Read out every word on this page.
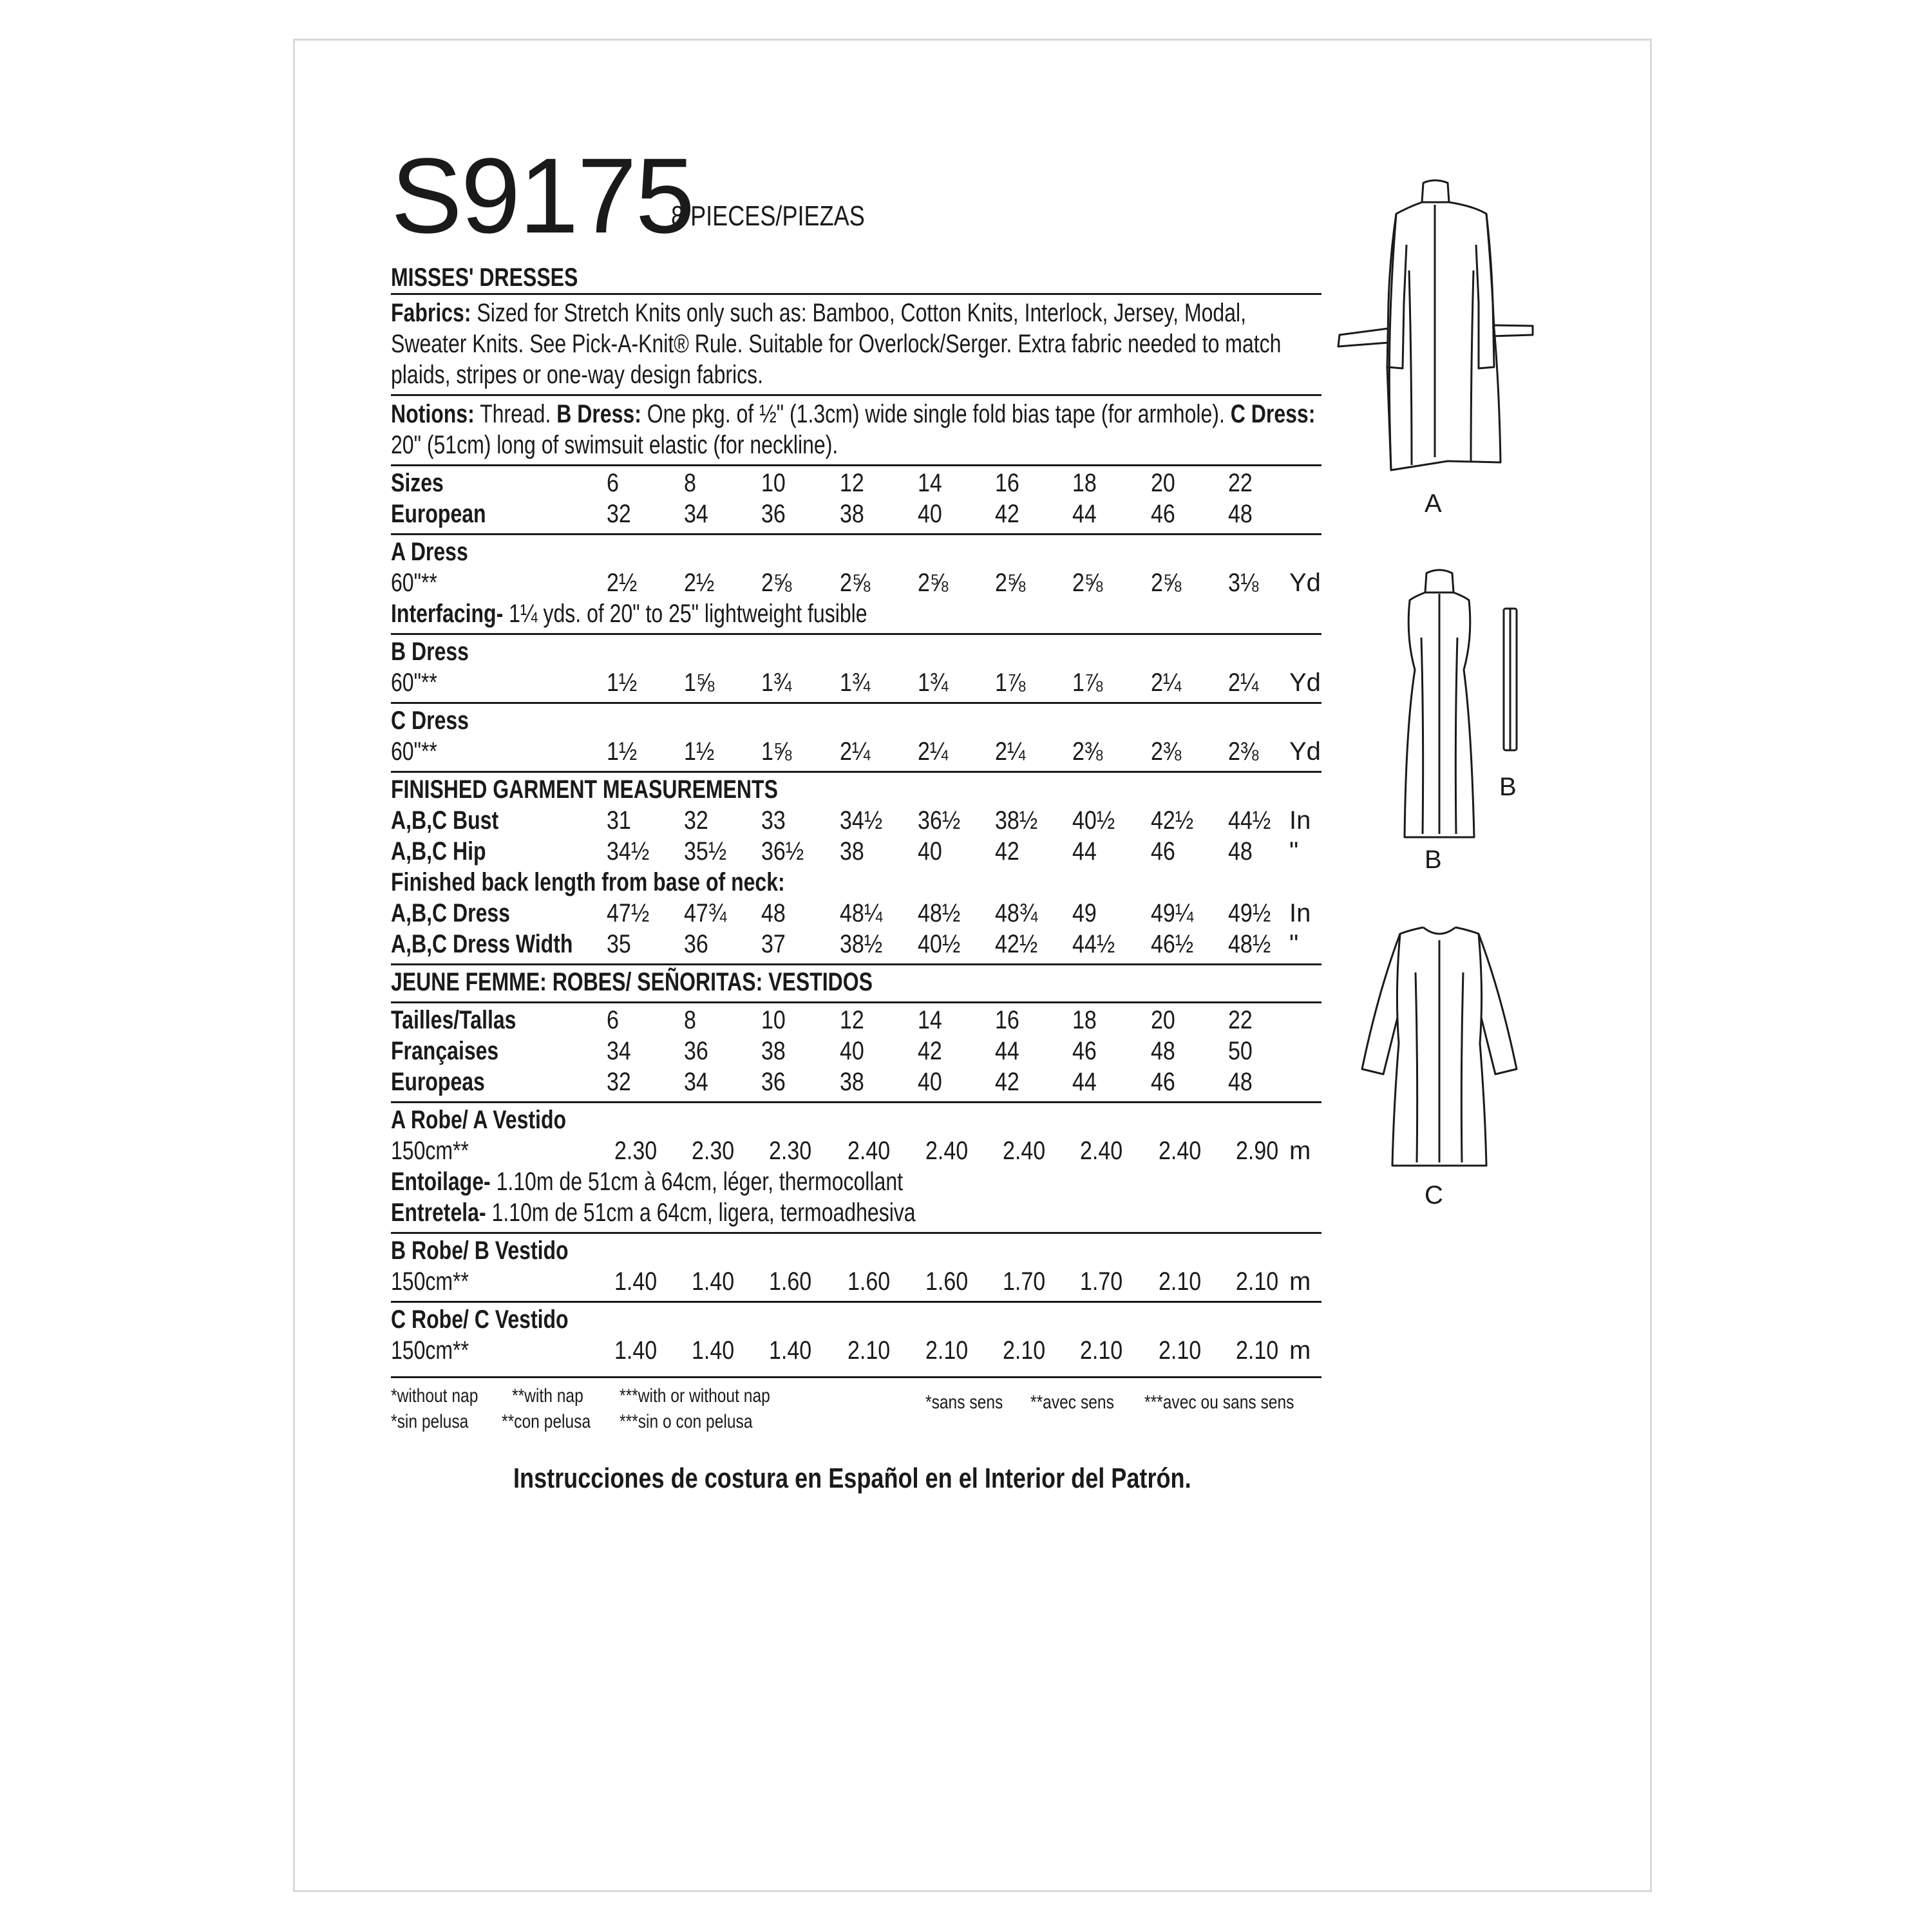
S9175
8 PIECES/PIEZAS
MISSES' DRESSES
Fabrics: Sized for Stretch Knits only such as: Bamboo, Cotton Knits, Interlock, Jersey, Modal, Sweater Knits. See Pick-A-Knit® Rule. Suitable for Overlock/Serger. Extra fabric needed to match plaids, stripes or one-way design fabrics.
Notions: Thread. B Dress: One pkg. of ½" (1.3cm) wide single fold bias tape (for armhole). C Dress: 20" (51cm) long of swimsuit elastic (for neckline).
Sizes	6	8	10 12 14 16 18 20 22
European	32 34 36 38 40 42 44 46 48
A Dress
60"**	2½ 2½ 2⅝ 2⅝ 2⅝ 2⅝ 2⅝ 2⅝ 3⅛ Yd
Interfacing- 1¼ yds. of 20" to 25" lightweight fusible
B Dress
60"**	1½ 1⅝ 1¾ 1¾ 1¾ 1⅞ 1⅞ 2¼ 2¼ Yd
C Dress
60"**	1½ 1½ 1⅝ 2¼ 2¼ 2¼ 2⅜ 2⅜ 2⅜ Yd
FINISHED GARMENT MEASUREMENTS
A,B,C Bust	31 32 33 34½ 36½ 38½ 40½ 42½ 44½ In
A,B,C Hip	34½ 35½ 36½ 38 40 42 44 46 48 "
Finished back length from base of neck:
A,B,C Dress	47½ 47¾ 48 48¼ 48½ 48¾ 49 49¼ 49½ In
A,B,C Dress Width 35 36 37 38½ 40½ 42½ 44½ 46½ 48½ "
JEUNE FEMME: ROBES/ SEÑORITAS: VESTIDOS
Tailles/Tallas	6	8	10 12 14 16 18 20 22
Françaises	34 36 38 40 42 44 46 48 50
Europeas	32 34 36 38 40 42 44 46 48
A Robe/ A Vestido
150cm**	2.30 2.30 2.30 2.40 2.40 2.40 2.40 2.40 2.90 m
Entoilage- 1.10m de 51cm à 64cm, léger, thermocollant
Entretela- 1.10m de 51cm a 64cm, ligera, termoadhesiva
B Robe/ B Vestido
150cm**	1.40 1.40 1.60 1.60 1.60 1.70 1.70 2.10 2.10 m
C Robe/ C Vestido
150cm**	1.40 1.40 1.40 2.10 2.10 2.10 2.10 2.10 2.10 m
*without nap **with nap ***with or without nap
*sin pelusa **con pelusa ***sin o con pelusa
*sans sens **avec sens ***avec ou sans sens
Instrucciones de costura en Español en el Interior del Patrón.
A
B
B
C
